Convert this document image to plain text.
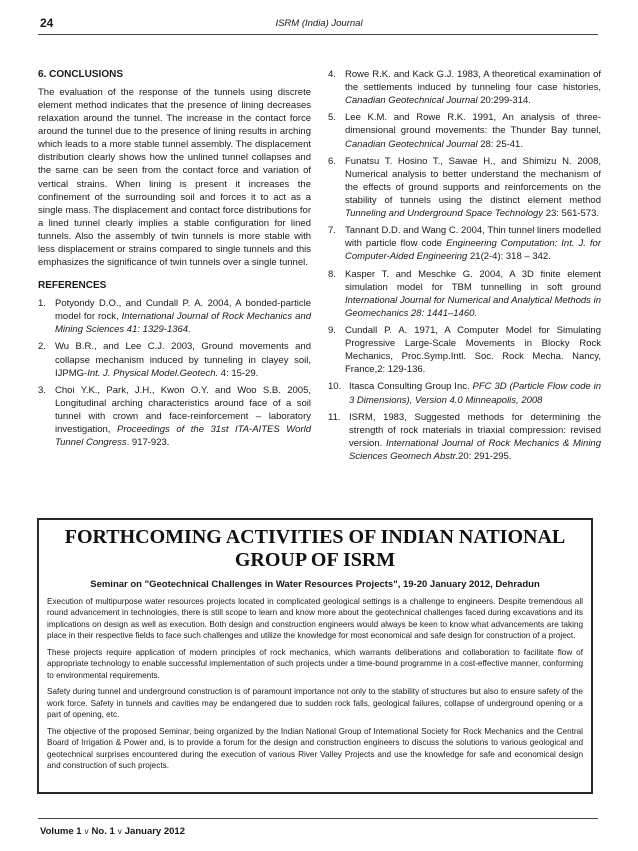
24	ISRM (India) Journal
6. CONCLUSIONS

The evaluation of the response of the tunnels using discrete element method indicates that the presence of lining decreases relaxation around the tunnel. The increase in the contact force around the tunnel due to the presence of lining results in arching which leads to a more stable tunnel assembly. The displacement distribution clearly shows how the unlined tunnel collapses and the same can be seen from the contact force and variation of vertical strains. When lining is present it increases the confinement of the surrounding soil and forces it to act as a single mass. The displacement and contact force distributions for a lined tunnel clearly implies a stable configuration for lined tunnels. Also the assembly of twin tunnels is more stable with less displacement or strains compared to single tunnels and this emphasizes the significance of twin tunnels over a single tunnel.

REFERENCES
1. Potyondy D.O., and Cundall P. A. 2004, A bonded-particle model for rock, International Journal of Rock Mechanics and Mining Sciences 41: 1329-1364.
2. Wu B.R., and Lee C.J. 2003, Ground movements and collapse mechanism induced by tunneling in clayey soil, IJPMG-Int. J. Physical Model.Geotech. 4: 15-29.
3. Choi Y.K., Park, J.H., Kwon O.Y. and Woo S.B. 2005, Longitudinal arching characteristics around face of a soil tunnel with crown and face-reinforcement – laboratory investigation, Proceedings of the 31st ITA-AITES World Tunnel Congress. 917-923.
4. Rowe R.K. and Kack G.J. 1983, A theoretical examination of the settlements induced by tunneling four case histories, Canadian Geotechnical Journal 20:299-314.
5. Lee K.M. and Rowe R.K. 1991, An analysis of three-dimensional ground movements: the Thunder Bay tunnel, Canadian Geotechnical Journal 28: 25-41.
6. Funatsu T. Hosino T., Sawae H., and Shimizu N. 2008, Numerical analysis to better understand the mechanism of the effects of ground supports and reinforcements on the stability of tunnels using the distinct element method Tunneling and Underground Space Technology 23: 561-573.
7. Tannant D.D. and Wang C. 2004, Thin tunnel liners modelled with particle flow code Engineering Computation: Int. J. for Computer-Aided Engineering 21(2-4): 318 – 342.
8. Kasper T. and Meschke G. 2004, A 3D finite element simulation model for TBM tunnelling in soft ground International Journal for Numerical and Analytical Methods in Geomechanics 28: 1441–1460.
9. Cundall P. A. 1971, A Computer Model for Simulating Progressive Large-Scale Movements in Blocky Rock Mechanics, Proc.Symp.Intl. Soc. Rock Mecha. Nancy, France,2: 129-136.
10. Itasca Consulting Group Inc. PFC 3D (Particle Flow code in 3 Dimensions), Version 4.0 Minneapolis, 2008
11. ISRM, 1983, Suggested methods for determining the strength of rock materials in triaxial compression: revised version. International Journal of Rock Mechanics & Mining Sciences Geomech Abstr.20: 291-295.
FORTHCOMING ACTIVITIES OF INDIAN NATIONAL GROUP OF ISRM
Seminar on "Geotechnical Challenges in Water Resources Projects", 19-20 January 2012, Dehradun

Execution of multipurpose water resources projects located in complicated geological settings is a challenge to engineers. Despite tremendous all round advancement in technologies, there is still scope to learn and know more about the geotechnical challenges faced during excavations and its implications on design as well as execution. Both design and construction engineers would always be keen to know what advancements are taking place in their respective fields to face such challenges and utilize the knowledge for most economical and safe design for construction of a project.

These projects require application of modern principles of rock mechanics, which warrants deliberations and collaboration to facilitate flow of appropriate technology to enable successful implementation of such projects under a time-bound programme in a cost-effective manner, conforming to environmental requirements.

Safety during tunnel and underground construction is of paramount importance not only to the stability of structures but also to ensure safety of the work force. Safety in tunnels and cavities may be endangered due to sudden rock falls, geological failures, collapse of underground opening or a part of opening, etc.

The objective of the proposed Seminar, being organized by the Indian National Group of International Society for Rock Mechanics and the Central Board of Irrigation & Power and, is to provide a forum for the design and construction engineers to discuss the solutions to various geological and geotechnical surprises encountered during the execution of various River Valley Projects and use the knowledge for safe and economical design and construction of such projects.

Volume 1 v No. 1 v January 2012
